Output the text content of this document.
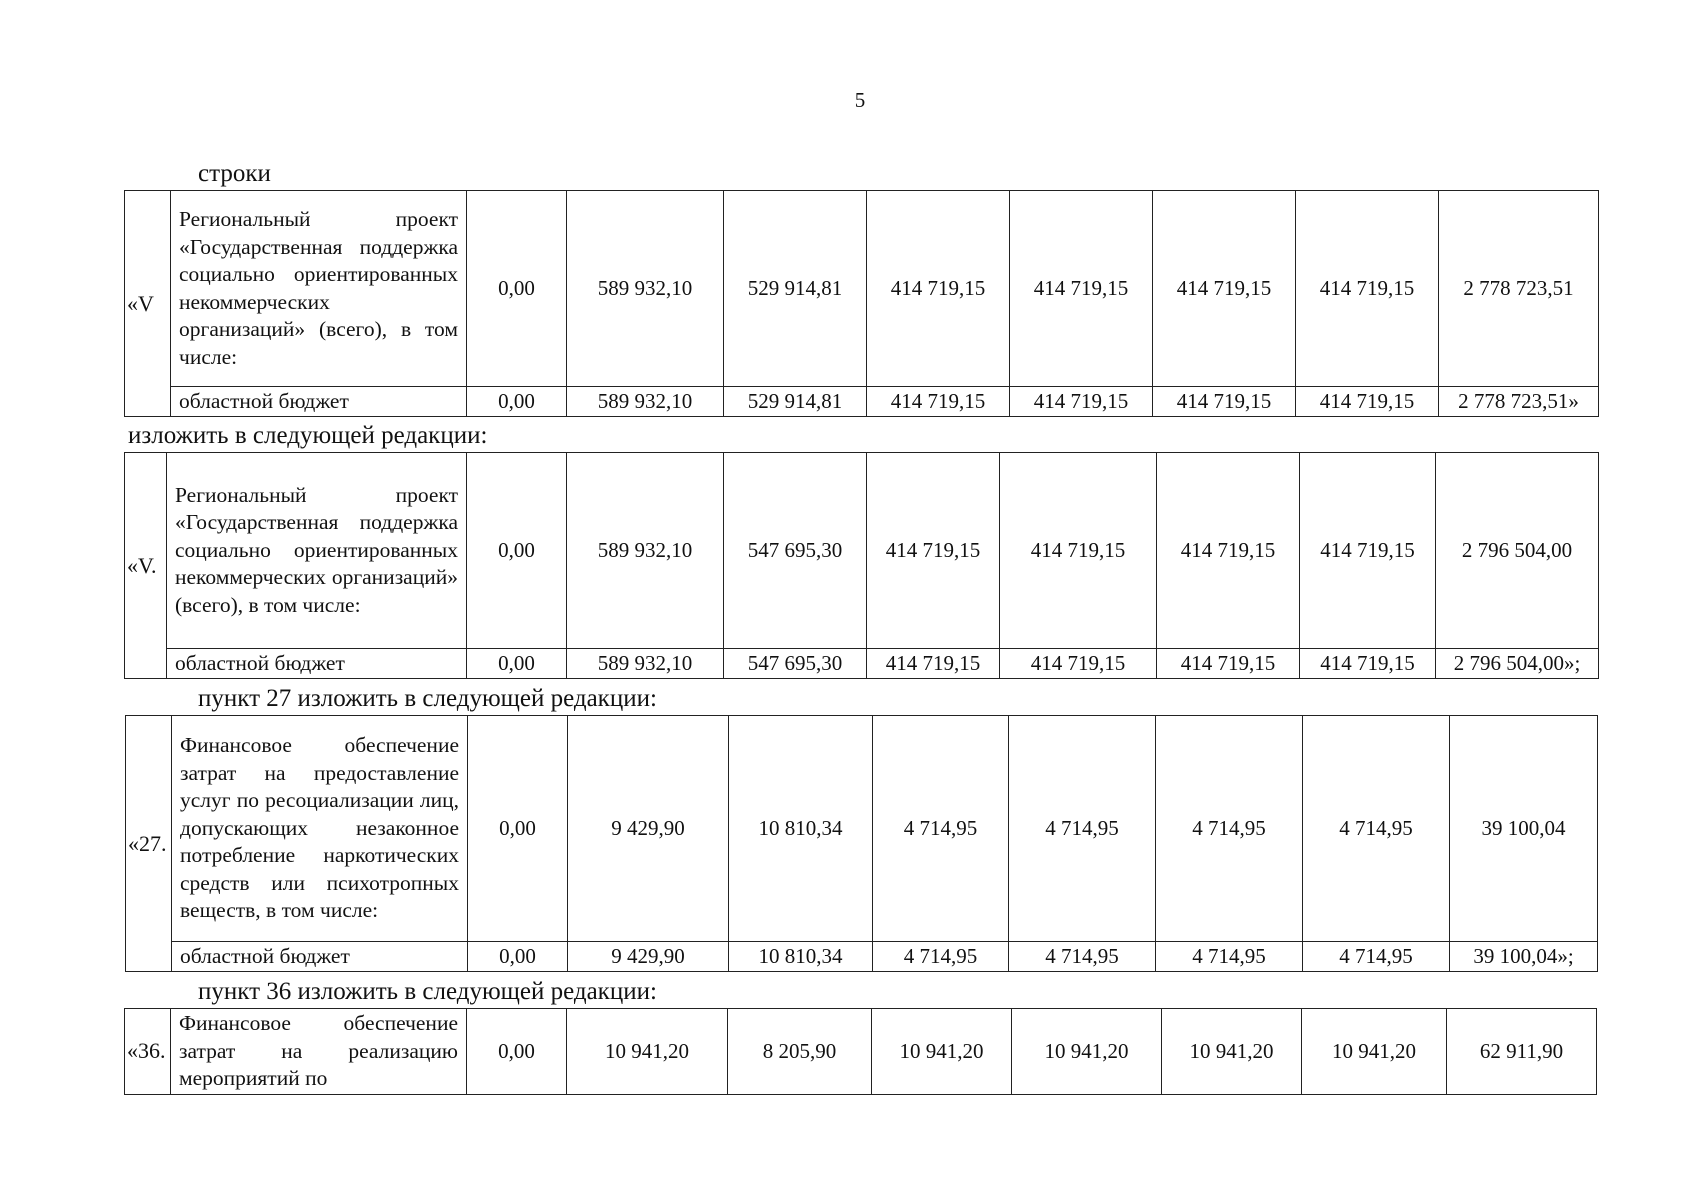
5
строки
«V	Региональный проект «Государственная поддержка социально ориентированных некоммерческих организаций» (всего), в том числе:	0,00	589 932,10	529 914,81	414 719,15	414 719,15	414 719,15	414 719,15	2 778 723,51
	областной бюджет	0,00	589 932,10	529 914,81	414 719,15	414 719,15	414 719,15	414 719,15	2 778 723,51»
изложить в следующей редакции:
«V.	Региональный проект «Государственная поддержка социально ориентированных некоммерческих организаций» (всего), в том числе:	0,00	589 932,10	547 695,30	414 719,15	414 719,15	414 719,15	414 719,15	2 796 504,00
	областной бюджет	0,00	589 932,10	547 695,30	414 719,15	414 719,15	414 719,15	414 719,15	2 796 504,00»;
пункт 27 изложить в следующей редакции:
«27.	Финансовое обеспечение затрат на предоставление услуг по ресоциализации лиц, допускающих незаконное потребление наркотических средств или психотропных веществ, в том числе:	0,00	9 429,90	10 810,34	4 714,95	4 714,95	4 714,95	4 714,95	39 100,04
	областной бюджет	0,00	9 429,90	10 810,34	4 714,95	4 714,95	4 714,95	4 714,95	39 100,04»;
пункт 36 изложить в следующей редакции:
«36.	Финансовое обеспечение затрат на реализацию мероприятий по	0,00	10 941,20	8 205,90	10 941,20	10 941,20	10 941,20	10 941,20	62 911,90
